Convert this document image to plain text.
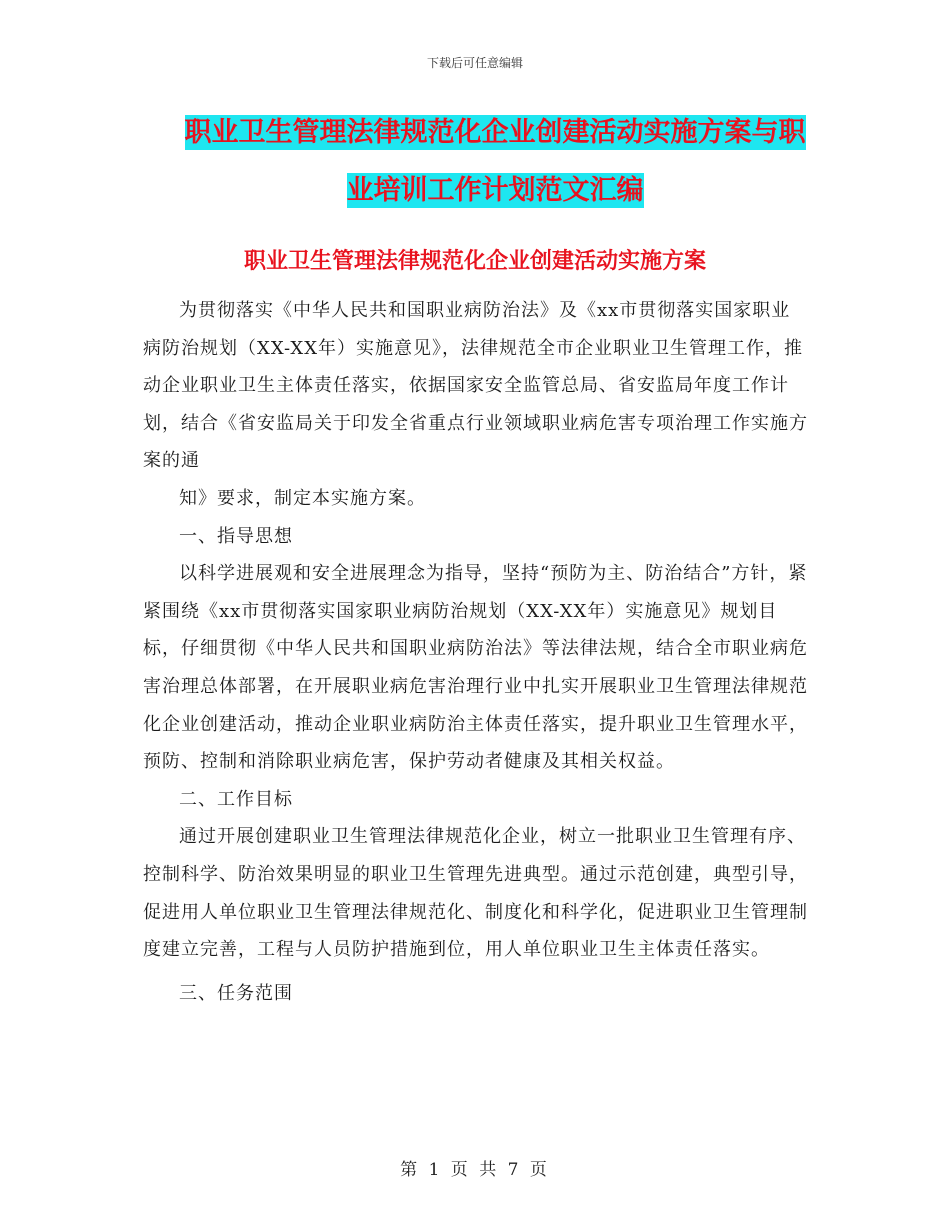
下载后可任意编辑
职业卫生管理法律规范化企业创建活动实施方案与职
业培训工作计划范文汇编
职业卫生管理法律规范化企业创建活动实施方案

为贯彻落实《中华人民共和国职业病防治法》及《xx市贯彻落实国家职业病防治规划（XX-XX年）实施意见》，法律规范全市企业职业卫生管理工作，推动企业职业卫生主体责任落实，依据国家安全监管总局、省安监局年度工作计划，结合《省安监局关于印发全省重点行业领域职业病危害专项治理工作实施方案的通

知》要求，制定本实施方案。

一、指导思想

以科学进展观和安全进展理念为指导，坚持“预防为主、防治结合”方针，紧紧围绕《xx市贯彻落实国家职业病防治规划（XX-XX年）实施意见》规划目标，仔细贯彻《中华人民共和国职业病防治法》等法律法规，结合全市职业病危害治理总体部署，在开展职业病危害治理行业中扎实开展职业卫生管理法律规范化企业创建活动，推动企业职业病防治主体责任落实，提升职业卫生管理水平，预防、控制和消除职业病危害，保护劳动者健康及其相关权益。

二、工作目标

通过开展创建职业卫生管理法律规范化企业，树立一批职业卫生管理有序、控制科学、防治效果明显的职业卫生管理先进典型。通过示范创建，典型引导，促进用人单位职业卫生管理法律规范化、制度化和科学化，促进职业卫生管理制度建立完善，工程与人员防护措施到位，用人单位职业卫生主体责任落实。

三、任务范围

第 1 页 共 7 页
